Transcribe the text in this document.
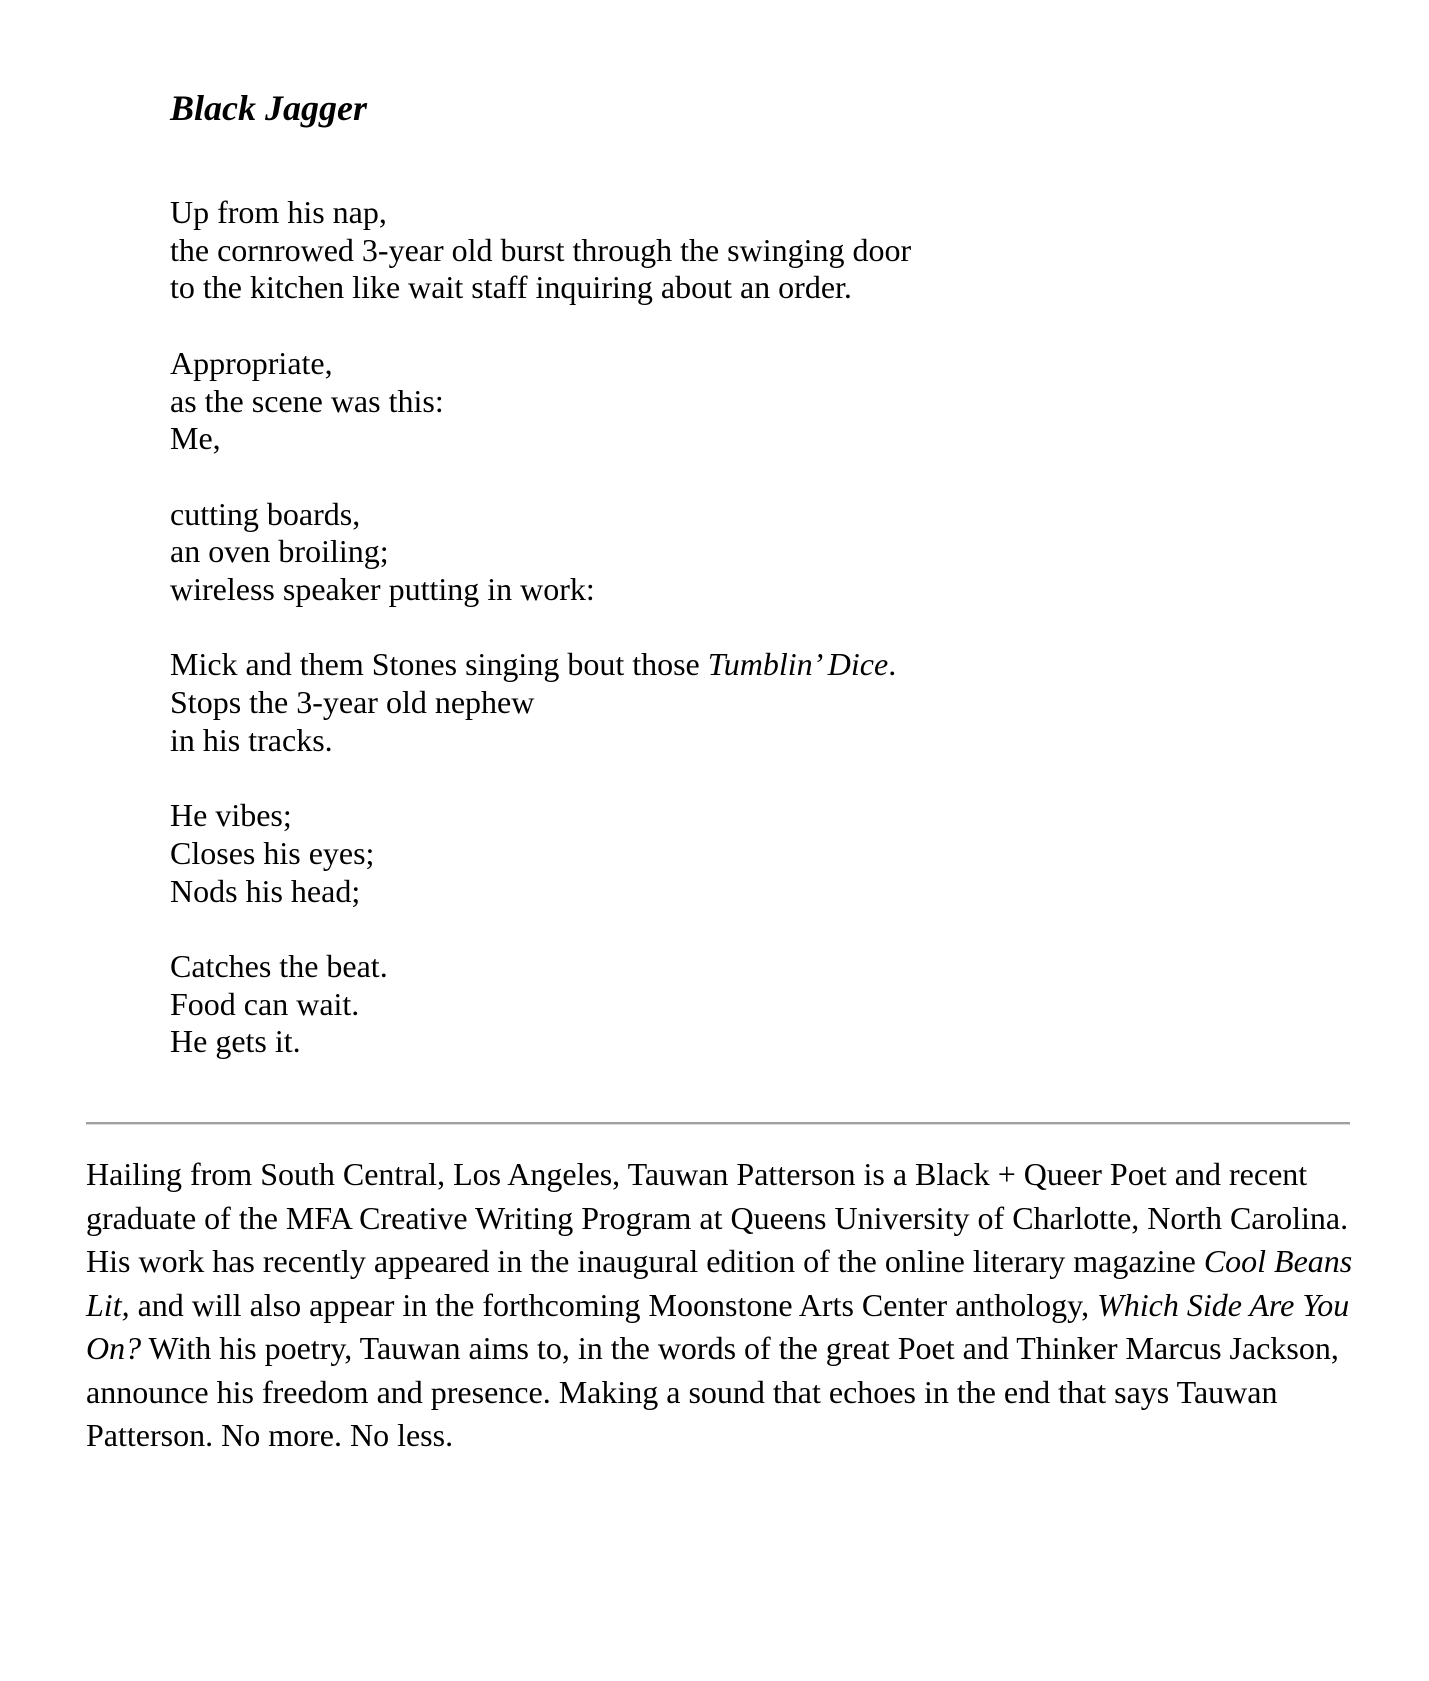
Black Jagger
Up from his nap,
the cornrowed 3-year old burst through the swinging door
to the kitchen like wait staff inquiring about an order.
Appropriate,
as the scene was this:
Me,
cutting boards,
an oven broiling;
wireless speaker putting in work:
Mick and them Stones singing bout those Tumblin’ Dice.
Stops the 3-year old nephew
in his tracks.
He vibes;
Closes his eyes;
Nods his head;
Catches the beat.
Food can wait.
He gets it.

Hailing from South Central, Los Angeles, Tauwan Patterson is a Black + Queer Poet and recent graduate of the MFA Creative Writing Program at Queens University of Charlotte, North Carolina. His work has recently appeared in the inaugural edition of the online literary magazine Cool Beans Lit, and will also appear in the forthcoming Moonstone Arts Center anthology, Which Side Are You On? With his poetry, Tauwan aims to, in the words of the great Poet and Thinker Marcus Jackson, announce his freedom and presence. Making a sound that echoes in the end that says Tauwan Patterson. No more. No less.
